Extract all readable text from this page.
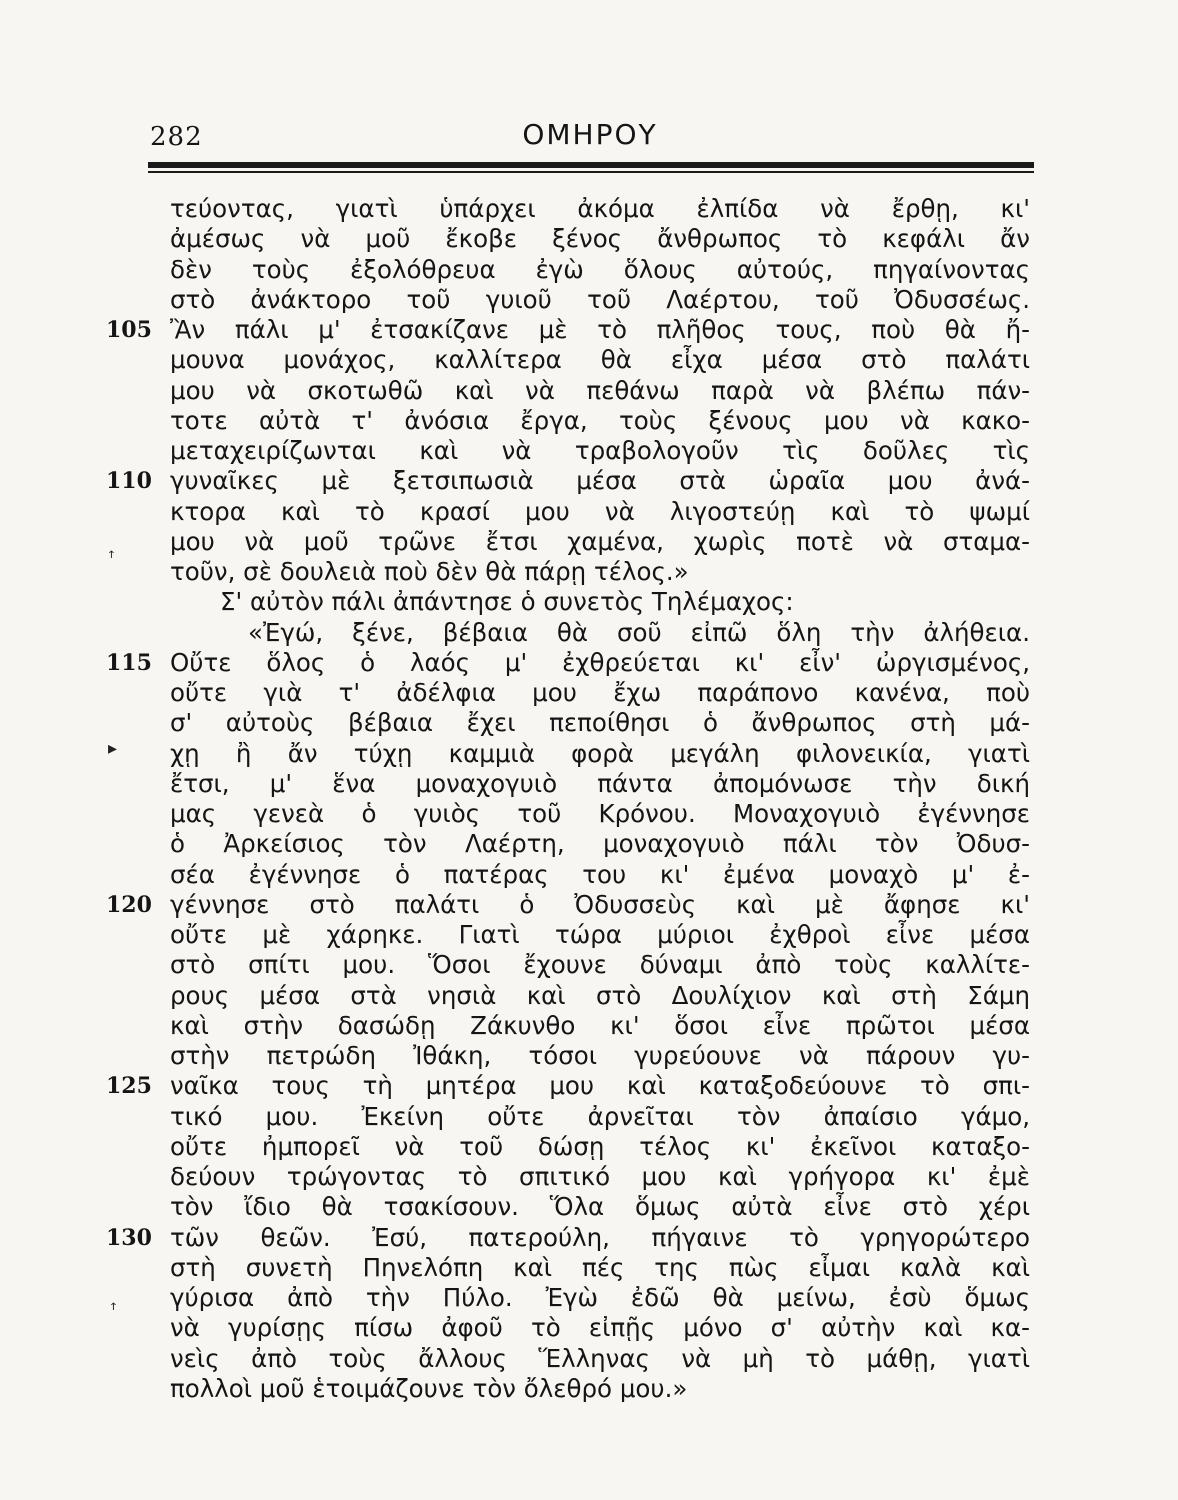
282	ΟΜΗΡΟΥ
ꜛ
▸
ꜛ
τεύοντας, γιατὶ ὑπάρχει ἀκόμα ἐλπίδα νὰ ἔρθῃ, κι'
ἀμέσως νὰ μοῦ ἔκοβε ξένος ἄνθρωπος τὸ κεφάλι ἄν
δὲν τοὺς ἐξολόθρευα ἐγὼ ὅλους αὐτούς, πηγαίνοντας
στὸ ἀνάκτορο τοῦ γυιοῦ τοῦ Λαέρτου, τοῦ Ὀδυσσέως.
105 Ἂν πάλι μ' ἐτσακίζανε μὲ τὸ πλῆθος τους, ποὺ θὰ ἤ-
μουνα μονάχος, καλλίτερα θὰ εἶχα μέσα στὸ παλάτι
μου νὰ σκοτωθῶ καὶ νὰ πεθάνω παρὰ νὰ βλέπω πάν-
τοτε αὐτὰ τ' ἀνόσια ἔργα, τοὺς ξένους μου νὰ κακο-
μεταχειρίζωνται καὶ νὰ τραβολογοῦν τὶς δοῦλες τὶς
110 γυναῖκες μὲ ξετσιπωσιὰ μέσα στὰ ὡραῖα μου ἀνά-
κτορα καὶ τὸ κρασί μου νὰ λιγοστεύῃ καὶ τὸ ψωμί
μου νὰ μοῦ τρῶνε ἔτσι χαμένα, χωρὶς ποτὲ νὰ σταμα-
τοῦν, σὲ δουλειὰ ποὺ δὲν θὰ πάρῃ τέλος.»
Σ' αὐτὸν πάλι ἀπάντησε ὁ συνετὸς Τηλέμαχος:
«Ἐγώ, ξένε, βέβαια θὰ σοῦ εἰπῶ ὅλη τὴν ἀλήθεια.
115 Οὔτε ὅλος ὁ λαός μ' ἐχθρεύεται κι' εἶν' ὠργισμένος,
οὔτε γιὰ τ' ἀδέλφια μου ἔχω παράπονο κανένα, ποὺ
σ' αὐτοὺς βέβαια ἔχει πεποίθησι ὁ ἄνθρωπος στὴ μά-
χῃ ἢ ἄν τύχῃ καμμιὰ φορὰ μεγάλη φιλονεικία, γιατὶ
ἔτσι, μ' ἕνα μοναχογυιὸ πάντα ἀπομόνωσε τὴν δική
μας γενεὰ ὁ γυιὸς τοῦ Κρόνου. Μοναχογυιὸ ἐγέννησε
ὁ Ἀρκείσιος τὸν Λαέρτη, μοναχογυιὸ πάλι τὸν Ὀδυσ-
σέα ἐγέννησε ὁ πατέρας του κι' ἐμένα μοναχὸ μ' ἐ-
120 γέννησε στὸ παλάτι ὁ Ὀδυσσεὺς καὶ μὲ ἄφησε κι'
οὔτε μὲ χάρηκε. Γιατὶ τώρα μύριοι ἐχθροὶ εἶνε μέσα
στὸ σπίτι μου. Ὅσοι ἔχουνε δύναμι ἀπὸ τοὺς καλλίτε-
ρους μέσα στὰ νησιὰ καὶ στὸ Δουλίχιον καὶ στὴ Σάμη
καὶ στὴν δασώδῃ Ζάκυνθο κι' ὅσοι εἶνε πρῶτοι μέσα
στὴν πετρώδη Ἰθάκη, τόσοι γυρεύουνε νὰ πάρουν γυ-
125 ναῖκα τους τὴ μητέρα μου καὶ καταξοδεύουνε τὸ σπι-
τικό μου. Ἐκείνη οὔτε ἀρνεῖται τὸν ἀπαίσιο γάμο,
οὔτε ἠμπορεῖ νὰ τοῦ δώσῃ τέλος κι' ἐκεῖνοι καταξο-
δεύουν τρώγοντας τὸ σπιτικό μου καὶ γρήγορα κι' ἐμὲ
τὸν ἴδιο θὰ τσακίσουν. Ὅλα ὅμως αὐτὰ εἶνε στὸ χέρι
130 τῶν θεῶν. Ἐσύ, πατερούλη, πήγαινε τὸ γρηγορώτερο
στὴ συνετὴ Πηνελόπη καὶ πές της πὼς εἶμαι καλὰ καὶ
γύρισα ἀπὸ τὴν Πύλο. Ἐγὼ ἐδῶ θὰ μείνω, ἐσὺ ὅμως
νὰ γυρίσῃς πίσω ἀφοῦ τὸ εἰπῇς μόνο σ' αὐτὴν καὶ κα-
νεὶς ἀπὸ τοὺς ἄλλους Ἕλληνας νὰ μὴ τὸ μάθῃ, γιατὶ
πολλοὶ μοῦ ἑτοιμάζουνε τὸν ὄλεθρό μου.»
